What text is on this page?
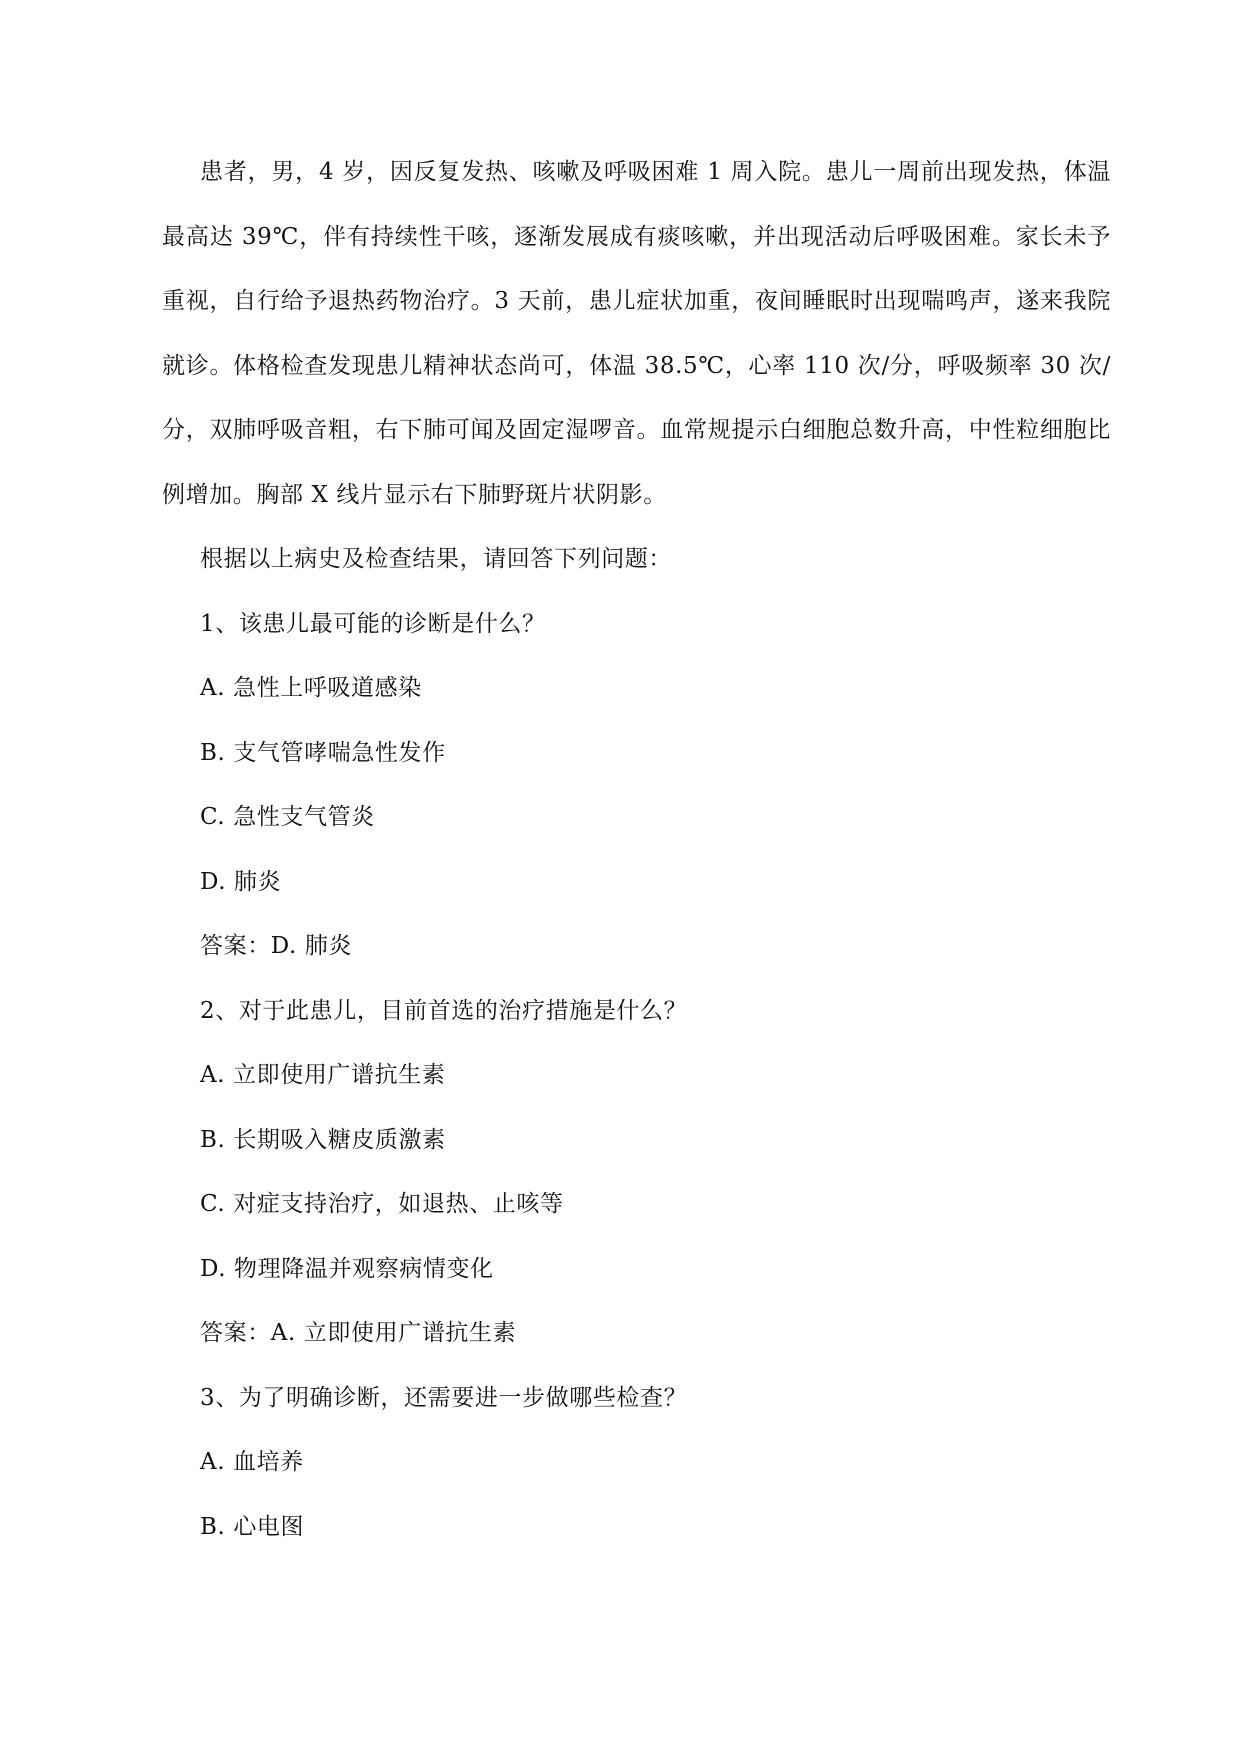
患者，男，4 岁，因反复发热、咳嗽及呼吸困难 1 周入院。患儿一周前出现发热，体温最高达 39℃，伴有持续性干咳，逐渐发展成有痰咳嗽，并出现活动后呼吸困难。家长未予重视，自行给予退热药物治疗。3 天前，患儿症状加重，夜间睡眠时出现喘鸣声，遂来我院就诊。体格检查发现患儿精神状态尚可，体温 38.5℃，心率 110 次/分，呼吸频率 30 次/分，双肺呼吸音粗，右下肺可闻及固定湿啰音。血常规提示白细胞总数升高，中性粒细胞比例增加。胸部 X 线片显示右下肺野斑片状阴影。

根据以上病史及检查结果，请回答下列问题：

1、该患儿最可能的诊断是什么？

A. 急性上呼吸道感染

B. 支气管哮喘急性发作

C. 急性支气管炎

D. 肺炎

答案：D. 肺炎

2、对于此患儿，目前首选的治疗措施是什么？

A. 立即使用广谱抗生素

B. 长期吸入糖皮质激素

C. 对症支持治疗，如退热、止咳等

D. 物理降温并观察病情变化

答案：A. 立即使用广谱抗生素

3、为了明确诊断，还需要进一步做哪些检查？

A. 血培养

B. 心电图
